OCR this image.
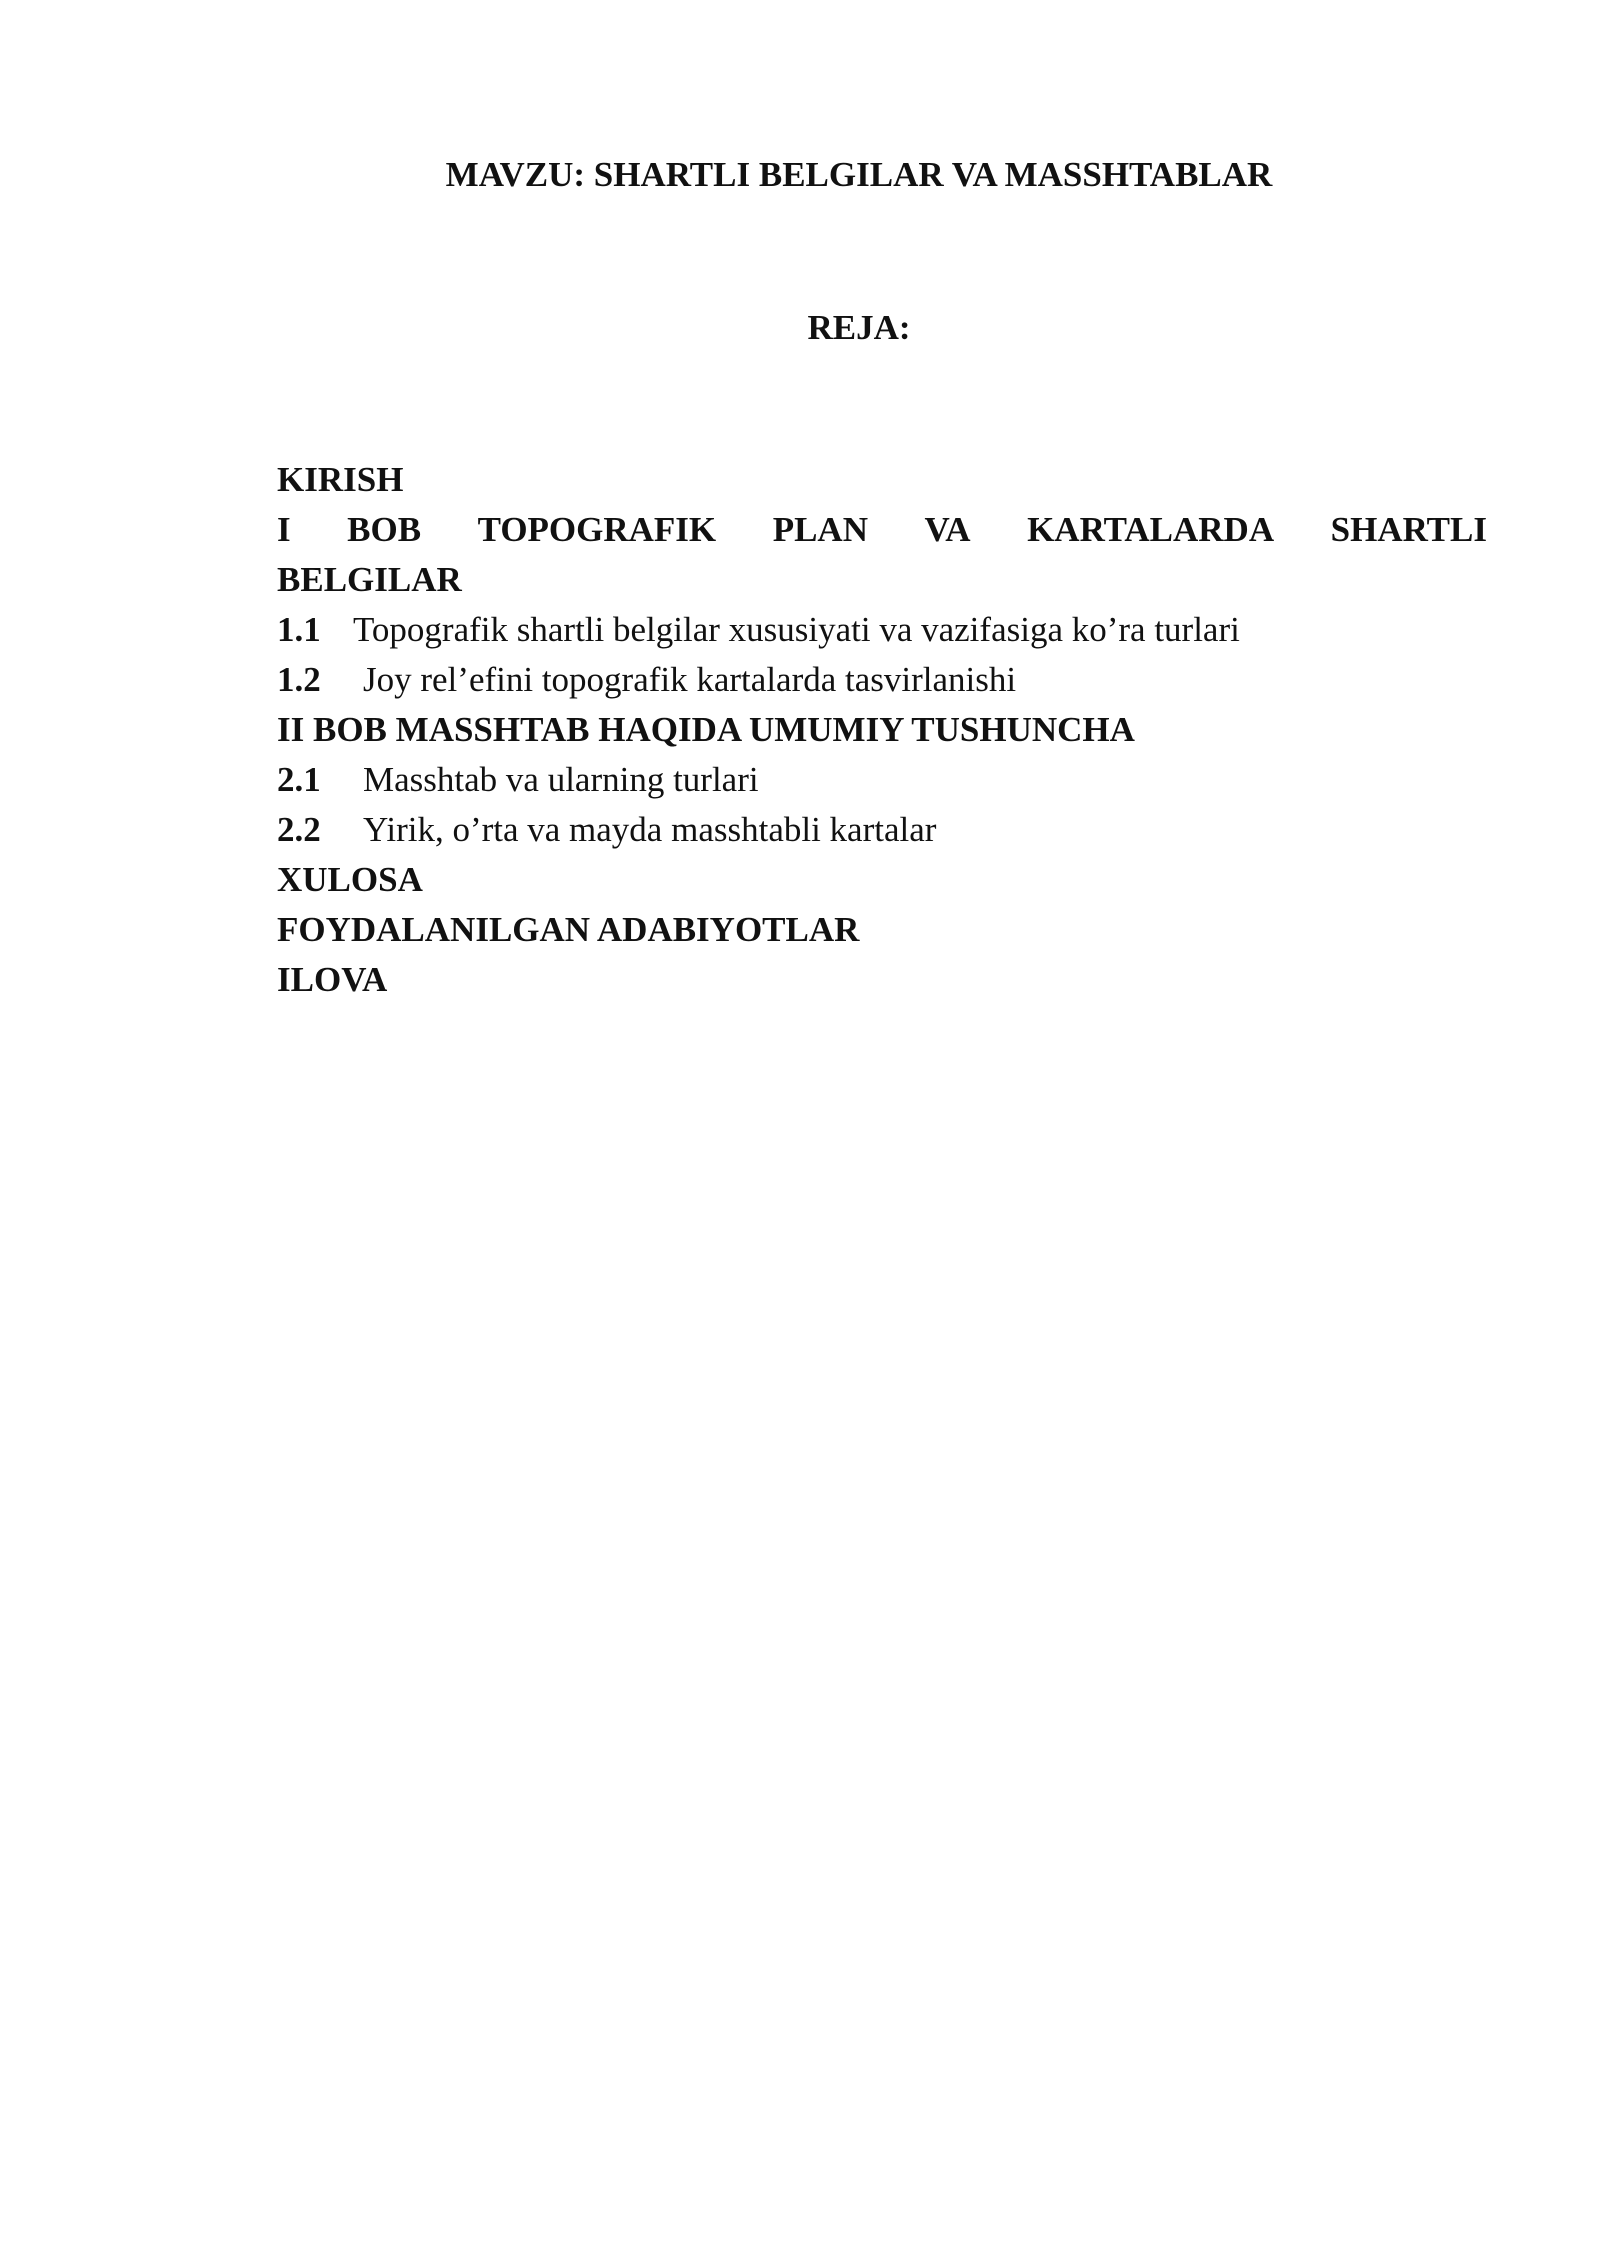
MAVZU: SHARTLI BELGILAR VA MASSHTABLAR
REJA:
KIRISH
I BOB TOPOGRAFIK PLAN VA KARTALARDA SHARTLI
BELGILAR
1.1 Topografik shartli belgilar xususiyati va vazifasiga ko’ra turlari
1.2	Joy rel’efini topografik kartalarda tasvirlanishi
II BOB MASSHTAB HAQIDA UMUMIY TUSHUNCHA
2.1	Masshtab va ularning turlari
2.2	Yirik, o’rta va mayda masshtabli kartalar
XULOSA
FOYDALANILGAN ADABIYOTLAR
ILOVA
